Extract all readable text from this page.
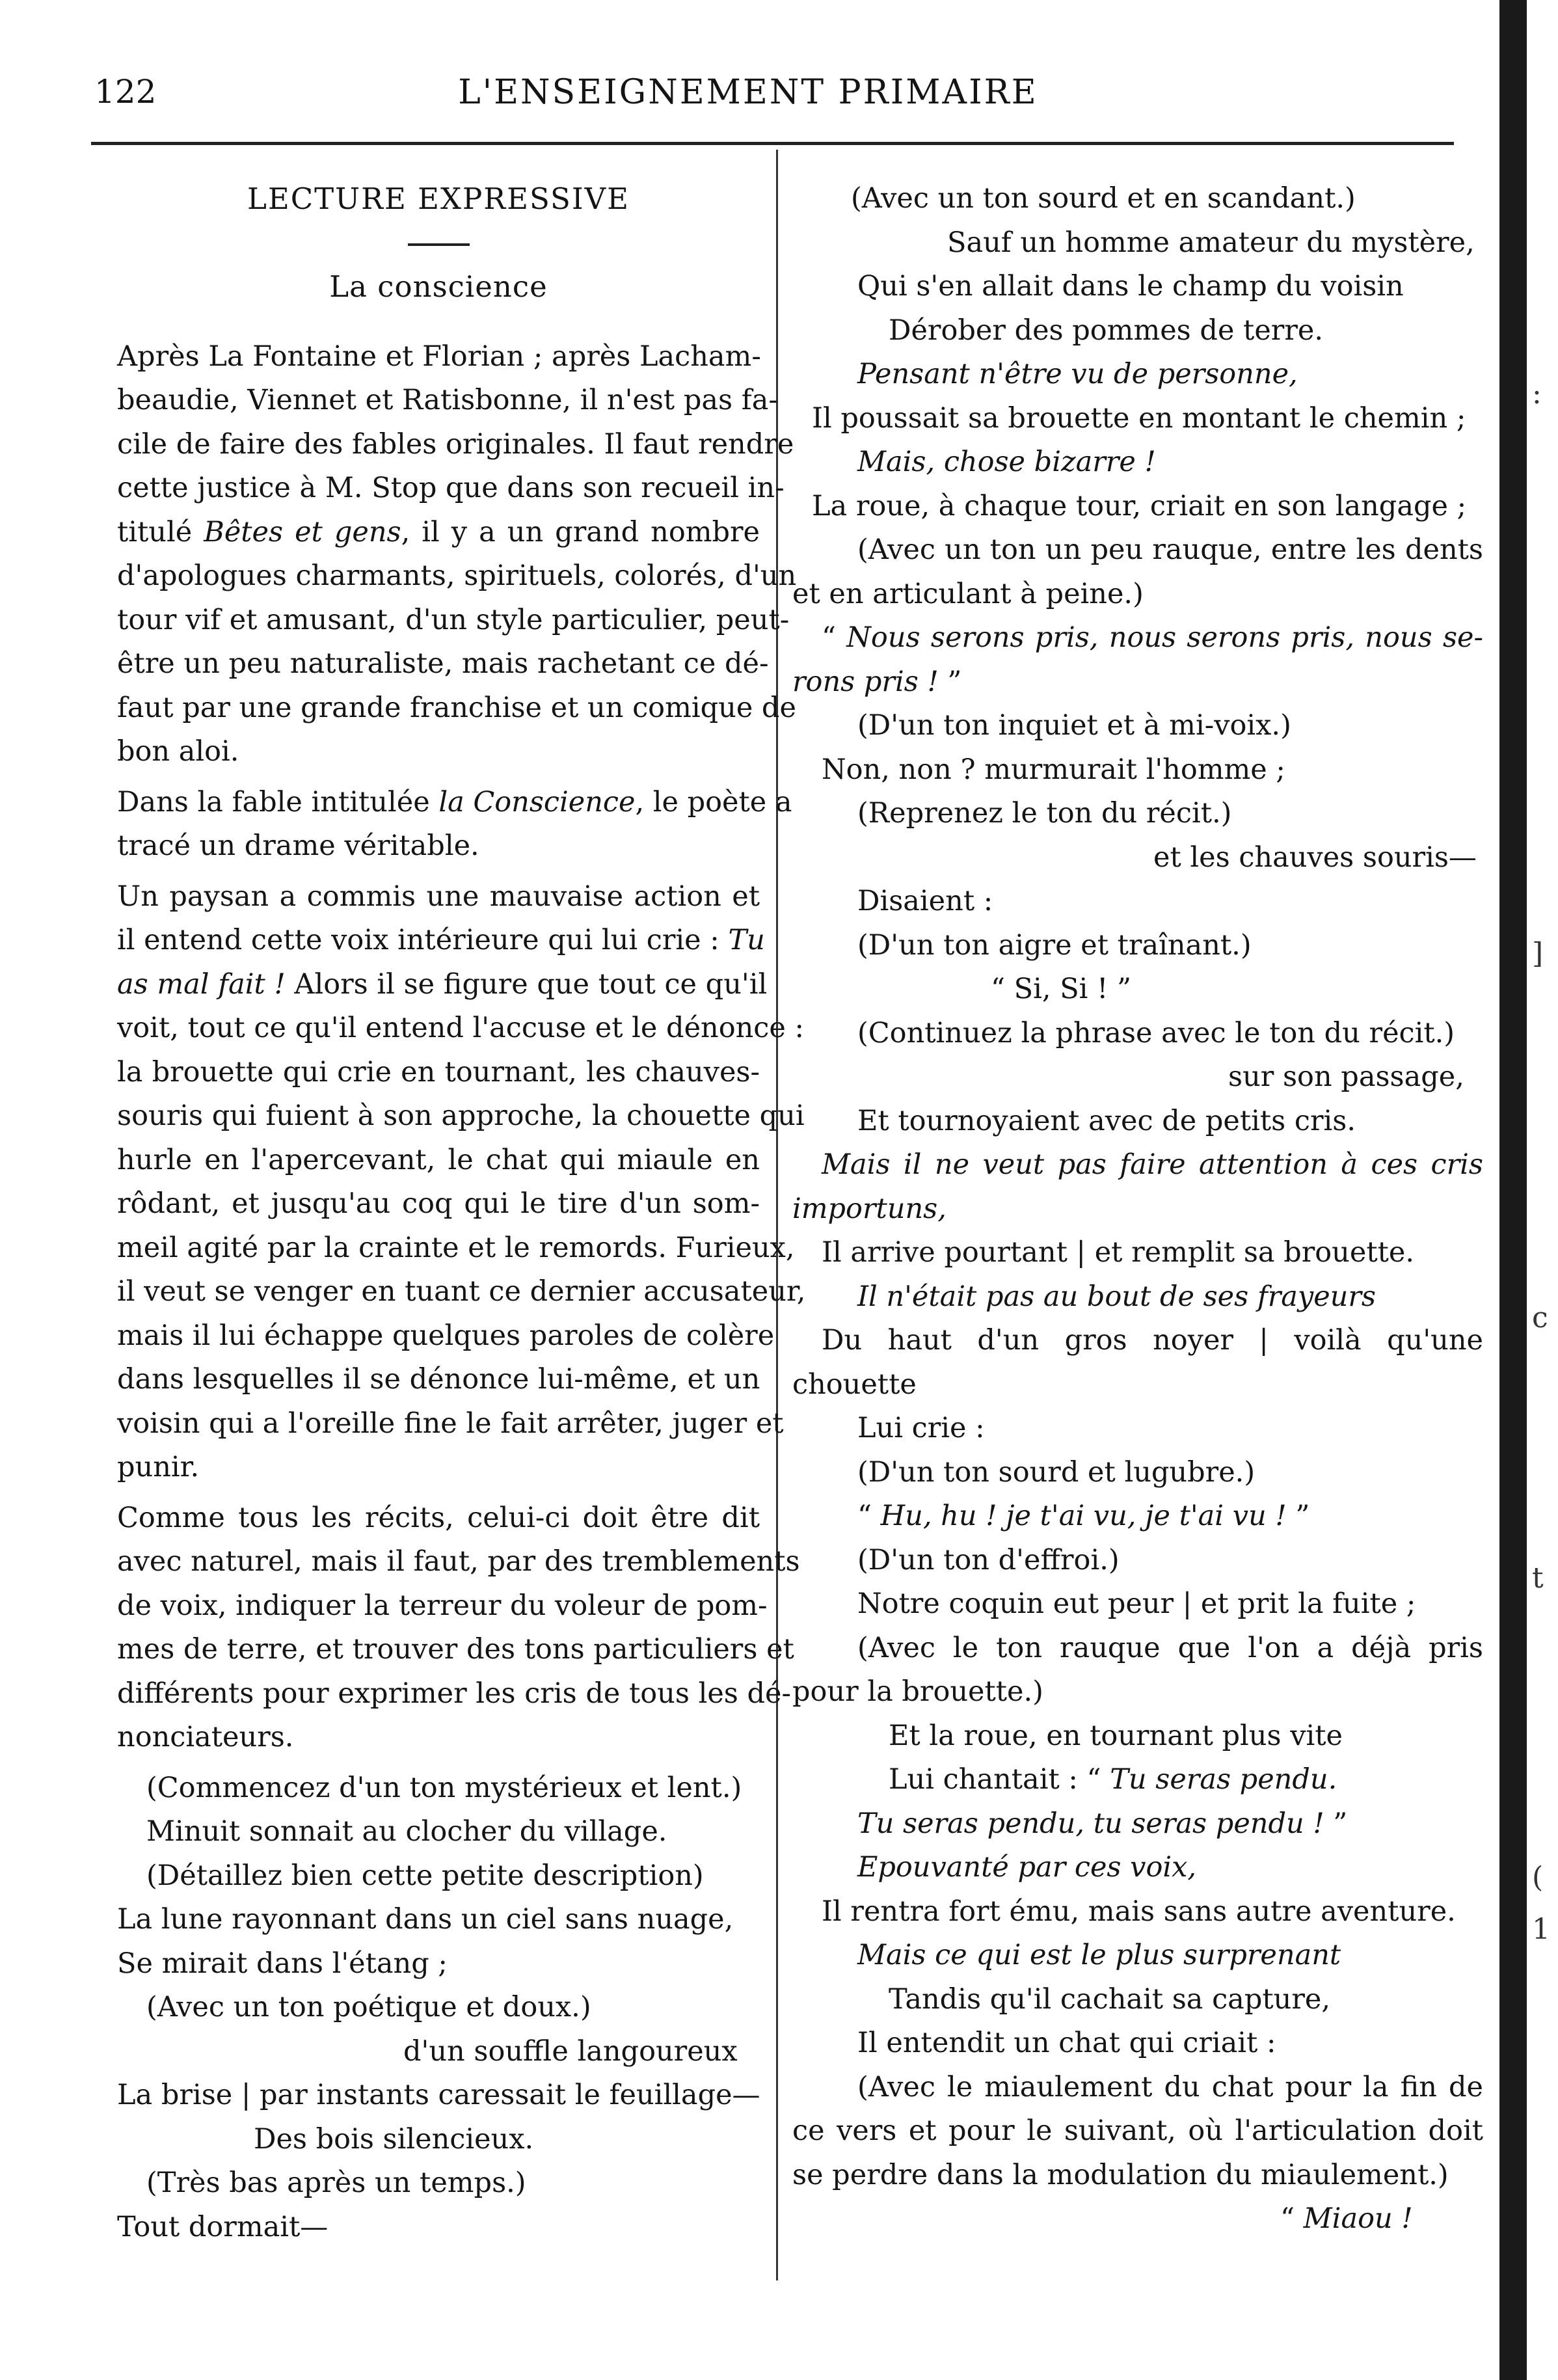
122	L'ENSEIGNEMENT PRIMAIRE
]
c
t
(
1
:
LECTURE EXPRESSIVE
La conscience
Après La Fontaine et Florian ; après Lacham-
beaudie, Viennet et Ratisbonne, il n'est pas fa-
cile de faire des fables originales. Il faut rendre
cette justice à M. Stop que dans son recueil in-
titulé Bêtes et gens, il y a un grand nombre
d'apologues charmants, spirituels, colorés, d'un
tour vif et amusant, d'un style particulier, peut-
être un peu naturaliste, mais rachetant ce dé-
faut par une grande franchise et un comique de
bon aloi.
Dans la fable intitulée la Conscience, le poète a
tracé un drame véritable.
Un paysan a commis une mauvaise action et
il entend cette voix intérieure qui lui crie : Tu
as mal fait ! Alors il se figure que tout ce qu'il
voit, tout ce qu'il entend l'accuse et le dénonce :
la brouette qui crie en tournant, les chauves-
souris qui fuient à son approche, la chouette qui
hurle en l'apercevant, le chat qui miaule en
rôdant, et jusqu'au coq qui le tire d'un som-
meil agité par la crainte et le remords. Furieux,
il veut se venger en tuant ce dernier accusateur,
mais il lui échappe quelques paroles de colère
dans lesquelles il se dénonce lui-même, et un
voisin qui a l'oreille fine le fait arrêter, juger et
punir.
Comme tous les récits, celui-ci doit être dit
avec naturel, mais il faut, par des tremblements
de voix, indiquer la terreur du voleur de pom-
mes de terre, et trouver des tons particuliers et
différents pour exprimer les cris de tous les dé-
nonciateurs.
(Commencez d'un ton mystérieux et lent.)
Minuit sonnait au clocher du village.
(Détaillez bien cette petite description)
La lune rayonnant dans un ciel sans nuage,
Se mirait dans l'étang ;
(Avec un ton poétique et doux.)
d'un souffle langoureux
La brise | par instants caressait le feuillage—
Des bois silencieux.
(Très bas après un temps.)
Tout dormait—
(Avec un ton sourd et en scandant.)
Sauf un homme amateur du mystère,
Qui s'en allait dans le champ du voisin
Dérober des pommes de terre.
Pensant n'être vu de personne,
Il poussait sa brouette en montant le chemin ;
Mais, chose bizarre !
La roue, à chaque tour, criait en son langage ;
(Avec un ton un peu rauque, entre les dents
et en articulant à peine.)
“ Nous serons pris, nous serons pris, nous se-
rons pris ! ”
(D'un ton inquiet et à mi-voix.)
Non, non ? murmurait l'homme ;
(Reprenez le ton du récit.)
et les chauves souris—
Disaient :
(D'un ton aigre et traînant.)
“ Si, Si ! ”
(Continuez la phrase avec le ton du récit.)
sur son passage,
Et tournoyaient avec de petits cris.
Mais il ne veut pas faire attention à ces cris
importuns,
Il arrive pourtant | et remplit sa brouette.
Il n'était pas au bout de ses frayeurs
Du haut d'un gros noyer | voilà qu'une
chouette
Lui crie :
(D'un ton sourd et lugubre.)
“ Hu, hu ! je t'ai vu, je t'ai vu ! ”
(D'un ton d'effroi.)
Notre coquin eut peur | et prit la fuite ;
(Avec le ton rauque que l'on a déjà pris
pour la brouette.)
Et la roue, en tournant plus vite
Lui chantait : “ Tu seras pendu.
Tu seras pendu, tu seras pendu ! ”
Epouvanté par ces voix,
Il rentra fort ému, mais sans autre aventure.
Mais ce qui est le plus surprenant
Tandis qu'il cachait sa capture,
Il entendit un chat qui criait :
(Avec le miaulement du chat pour la fin de
ce vers et pour le suivant, où l'articulation doit
se perdre dans la modulation du miaulement.)
“ Miaou !
